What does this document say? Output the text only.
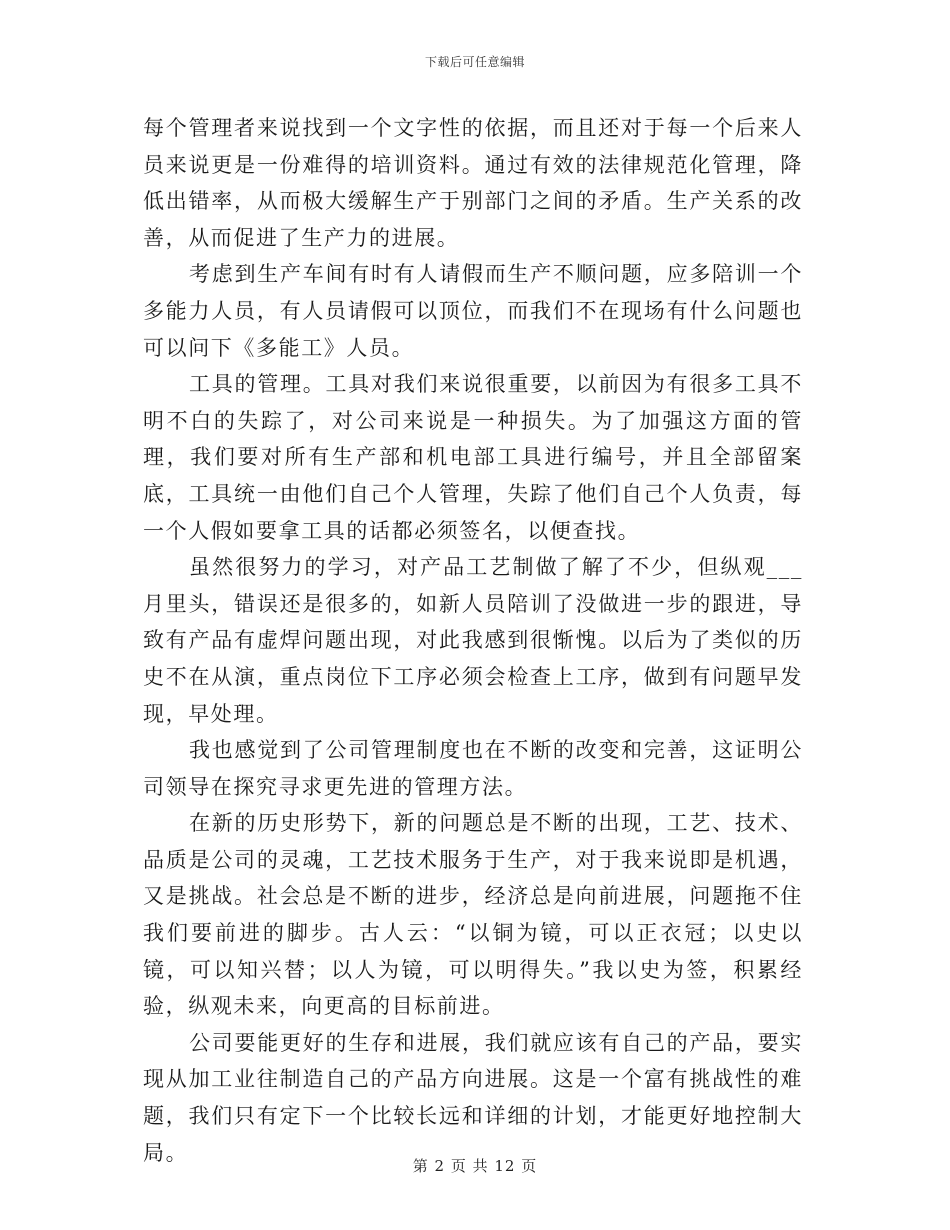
下载后可任意编辑

每个管理者来说找到一个文字性的依据，而且还对于每一个后来人员来说更是一份难得的培训资料。通过有效的法律规范化管理，降低出错率，从而极大缓解生产于别部门之间的矛盾。生产关系的改善，从而促进了生产力的进展。

考虑到生产车间有时有人请假而生产不顺问题，应多陪训一个多能力人员，有人员请假可以顶位，而我们不在现场有什么问题也可以问下《多能工》人员。

工具的管理。工具对我们来说很重要，以前因为有很多工具不明不白的失踪了，对公司来说是一种损失。为了加强这方面的管理，我们要对所有生产部和机电部工具进行编号，并且全部留案底，工具统一由他们自己个人管理，失踪了他们自己个人负责，每一个人假如要拿工具的话都必须签名，以便查找。

虽然很努力的学习，对产品工艺制做了解了不少，但纵观___月里头，错误还是很多的，如新人员陪训了没做进一步的跟进，导致有产品有虚焊问题出现，对此我感到很惭愧。以后为了类似的历史不在从演，重点岗位下工序必须会检查上工序，做到有问题早发现，早处理。

我也感觉到了公司管理制度也在不断的改变和完善，这证明公司领导在探究寻求更先进的管理方法。

在新的历史形势下，新的问题总是不断的出现，工艺、技术、品质是公司的灵魂，工艺技术服务于生产，对于我来说即是机遇，又是挑战。社会总是不断的进步，经济总是向前进展，问题拖不住我们要前进的脚步。古人云：“以铜为镜，可以正衣冠；以史以镜，可以知兴替；以人为镜，可以明得失。”我以史为签，积累经验，纵观未来，向更高的目标前进。

公司要能更好的生存和进展，我们就应该有自己的产品，要实现从加工业往制造自己的产品方向进展。这是一个富有挑战性的难题，我们只有定下一个比较长远和详细的计划，才能更好地控制大局。

第 2 页 共 12 页
